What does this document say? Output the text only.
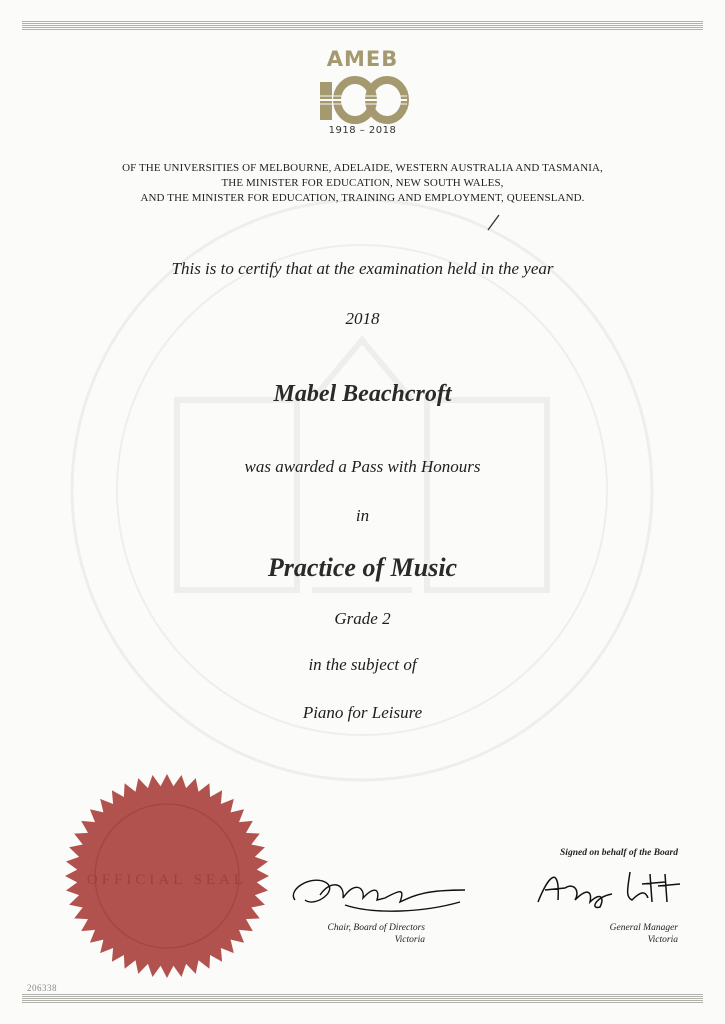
AMEB
1918 – 2018
OF THE UNIVERSITIES OF MELBOURNE, ADELAIDE, WESTERN AUSTRALIA AND TASMANIA,
THE MINISTER FOR EDUCATION, NEW SOUTH WALES,
AND THE MINISTER FOR EDUCATION, TRAINING AND EMPLOYMENT, QUEENSLAND.
This is to certify that at the examination held in the year
2018
Mabel Beachcroft
was awarded a Pass with Honours
in
Practice of Music
Grade 2
in the subject of
Piano for Leisure
OFFICIAL SEAL
Chair, Board of Directors
Victoria
Signed on behalf of the Board
General Manager
Victoria
206338
